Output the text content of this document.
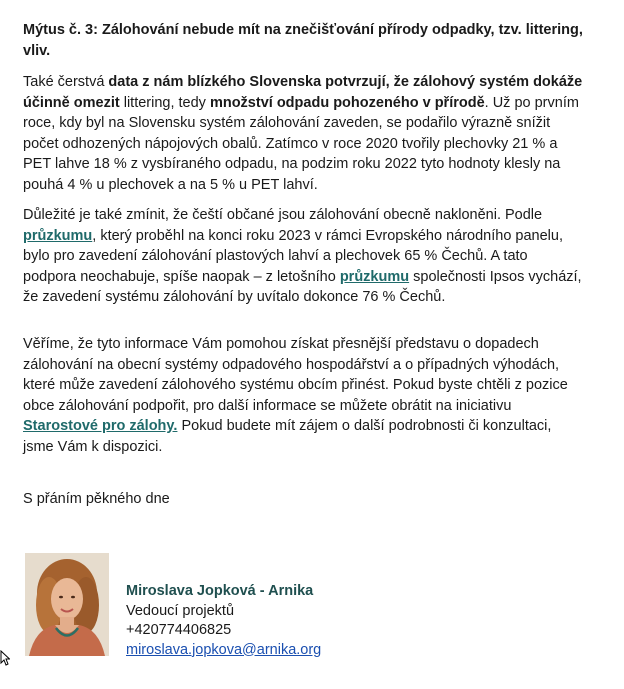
Mýtus č. 3: Zálohování nebude mít na znečišťování přírody odpadky, tzv. littering, vliv.
Také čerstvá data z nám blízkého Slovenska potvrzují, že zálohový systém dokáže účinně omezit littering, tedy množství odpadu pohozeného v přírodě. Už po prvním roce, kdy byl na Slovensku systém zálohování zaveden, se podařilo výrazně snížit počet odhozených nápojových obalů. Zatímco v roce 2020 tvořily plechovky 21 % a PET lahve 18 % z vysbíraného odpadu, na podzim roku 2022 tyto hodnoty klesly na pouhá 4 % u plechovek a na 5 % u PET lahví.
Důležité je také zmínit, že čeští občané jsou zálohování obecně nakloněni. Podle průzkumu, který proběhl na konci roku 2023 v rámci Evropského národního panelu, bylo pro zavedení zálohování plastových lahví a plechovek 65 % Čechů. A tato podpora neochabuje, spíše naopak – z letošního průzkumu společnosti Ipsos vychází, že zavedení systému zálohování by uvítalo dokonce 76 % Čechů.
Věříme, že tyto informace Vám pomohou získat přesnější představu o dopadech zálohování na obecní systémy odpadového hospodářství a o případných výhodách, které může zavedení zálohového systému obcím přinést. Pokud byste chtěli z pozice obce zálohování podpořit, pro další informace se můžete obrátit na iniciativu Starostové pro zálohy. Pokud budete mít zájem o další podrobnosti či konzultaci, jsme Vám k dispozici.
S přáním pěkného dne
Miroslava Jopková - Arnika
Vedoucí projektů
+420774406825
miroslava.jopkova@arnika.org
